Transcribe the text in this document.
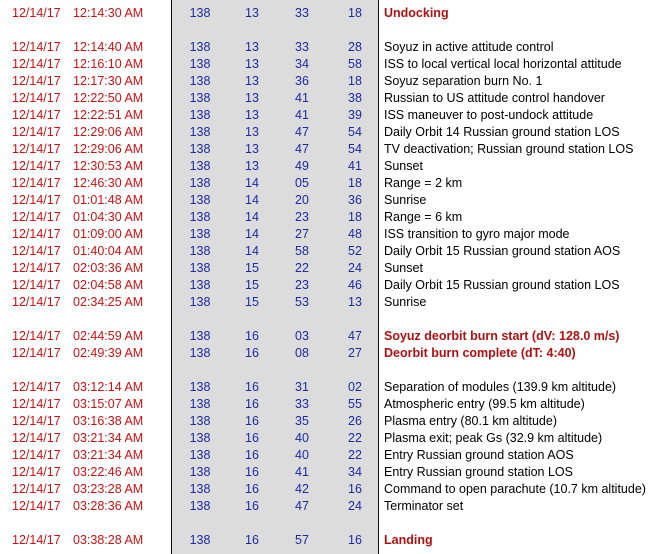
12/14/17 12:14:30 AM	138	13	33	18	Undocking
12/14/17 12:14:40 AM	138	13	33	28	Soyuz in active attitude control
12/14/17 12:16:10 AM	138	13	34	58	ISS to local vertical local horizontal attitude
12/14/17 12:17:30 AM	138	13	36	18	Soyuz separation burn No. 1
12/14/17 12:22:50 AM	138	13	41	38	Russian to US attitude control handover
12/14/17 12:22:51 AM	138	13	41	39	ISS maneuver to post-undock attitude
12/14/17 12:29:06 AM	138	13	47	54	Daily Orbit 14 Russian ground station LOS
12/14/17 12:29:06 AM	138	13	47	54	TV deactivation; Russian ground station LOS
12/14/17 12:30:53 AM	138	13	49	41	Sunset
12/14/17 12:46:30 AM	138	14	05	18	Range = 2 km
12/14/17 01:01:48 AM	138	14	20	36	Sunrise
12/14/17 01:04:30 AM	138	14	23	18	Range = 6 km
12/14/17 01:09:00 AM	138	14	27	48	ISS transition to gyro major mode
12/14/17 01:40:04 AM	138	14	58	52	Daily Orbit 15 Russian ground station AOS
12/14/17 02:03:36 AM	138	15	22	24	Sunset
12/14/17 02:04:58 AM	138	15	23	46	Daily Orbit 15 Russian ground station LOS
12/14/17 02:34:25 AM	138	15	53	13	Sunrise
12/14/17 02:44:59 AM	138	16	03	47	Soyuz deorbit burn start (dV: 128.0 m/s)
12/14/17 02:49:39 AM	138	16	08	27	Deorbit burn complete (dT: 4:40)
12/14/17 03:12:14 AM	138	16	31	02	Separation of modules (139.9 km altitude)
12/14/17 03:15:07 AM	138	16	33	55	Atmospheric entry (99.5 km altitude)
12/14/17 03:16:38 AM	138	16	35	26	Plasma entry (80.1 km altitude)
12/14/17 03:21:34 AM	138	16	40	22	Plasma exit; peak Gs (32.9 km altitude)
12/14/17 03:21:34 AM	138	16	40	22	Entry Russian ground station AOS
12/14/17 03:22:46 AM	138	16	41	34	Entry Russian ground station LOS
12/14/17 03:23:28 AM	138	16	42	16	Command to open parachute (10.7 km altitude)
12/14/17 03:28:36 AM	138	16	47	24	Terminator set
12/14/17 03:38:28 AM	138	16	57	16	Landing
